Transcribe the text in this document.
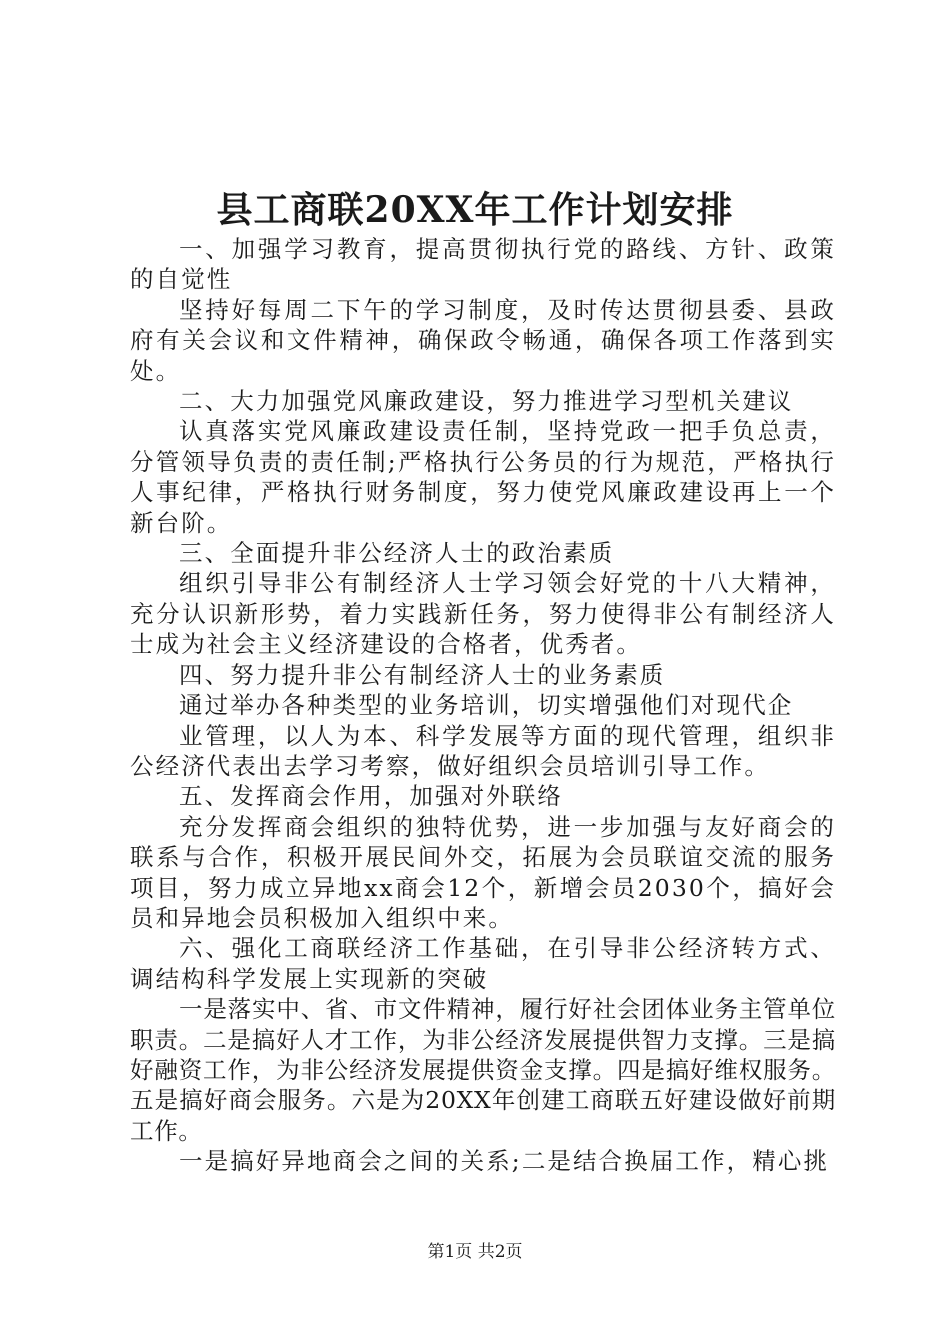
县工商联20XX年工作计划安排

一、加强学习教育，提高贯彻执行党的路线、方针、政策的自觉性

坚持好每周二下午的学习制度，及时传达贯彻县委、县政府有关会议和文件精神，确保政令畅通，确保各项工作落到实处。

二、大力加强党风廉政建设，努力推进学习型机关建议

认真落实党风廉政建设责任制，坚持党政一把手负总责，分管领导负责的责任制;严格执行公务员的行为规范，严格执行人事纪律，严格执行财务制度，努力使党风廉政建设再上一个新台阶。

三、全面提升非公经济人士的政治素质

组织引导非公有制经济人士学习领会好党的十八大精神，充分认识新形势，着力实践新任务，努力使得非公有制经济人士成为社会主义经济建设的合格者，优秀者。

四、努力提升非公有制经济人士的业务素质

通过举办各种类型的业务培训，切实增强他们对现代企

业管理，以人为本、科学发展等方面的现代管理，组织非公经济代表出去学习考察，做好组织会员培训引导工作。

五、发挥商会作用，加强对外联络

充分发挥商会组织的独特优势，进一步加强与友好商会的联系与合作，积极开展民间外交，拓展为会员联谊交流的服务项目，努力成立异地xx商会12个，新增会员2030个，搞好会员和异地会员积极加入组织中来。

六、强化工商联经济工作基础，在引导非公经济转方式、调结构科学发展上实现新的突破

一是落实中、省、市文件精神，履行好社会团体业务主管单位职责。二是搞好人才工作，为非公经济发展提供智力支撑。三是搞好融资工作，为非公经济发展提供资金支撑。四是搞好维权服务。五是搞好商会服务。六是为20XX年创建工商联五好建设做好前期工作。

一是搞好异地商会之间的关系;二是结合换届工作，精心挑

第1页 共2页
